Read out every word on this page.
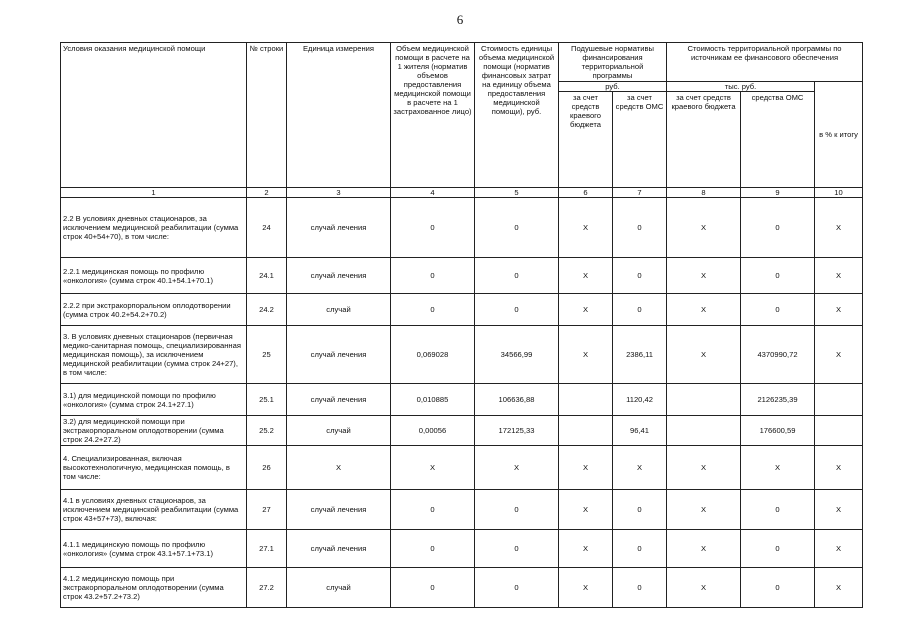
6
Условия оказания медицинской помощи	№ строки	Единица измерения	Объем медицинской помощи в расчете на 1 жителя (норматив объемов предоставления медицинской помощи в расчете на 1 застрахованное лицо)	Стоимость единицы объема медицинской помощи (норматив финансовых затрат на единицу объема предоставления медицинской помощи), руб.	Подушевые нормативы финансирования территориальной программы		Стоимость территориальной программы по источникам ее финансового обеспечения		
					руб.		тыс. руб.		в % к итогу
					за счет средств краевого бюджета	за счет средств ОМС	за счет средств краевого бюджета	средства ОМС	

1	2	3	4	5	6	7	8	9	10
2.2 В условиях дневных стационаров, за исключением медицинской реабилитации (сумма строк 40+54+70), в том числе:	24	случай лечения	0	0	X	0	X	0	X
2.2.1 медицинская помощь по профилю «онкология» (сумма строк 40.1+54.1+70.1)	24.1	случай лечения	0	0	X	0	X	0	X
2.2.2 при экстракорпоральном оплодотворении (сумма строк 40.2+54.2+70.2)	24.2	случай	0	0	X	0	X	0	X
3. В условиях дневных стационаров (первичная медико-санитарная помощь, специализированная медицинская помощь), за исключением медицинской реабилитации (сумма строк 24+27), в том числе:	25	случай лечения	0,069028	34566,99	X	2386,11	X	4370990,72	X
3.1) для медицинской помощи по профилю «онкология» (сумма строк 24.1+27.1)	25.1	случай лечения	0,010885	106636,88		1120,42		2126235,39	
3.2) для медицинской помощи при экстракорпоральном оплодотворении (сумма строк 24.2+27.2)	25.2	случай	0,00056	172125,33		96,41		176600,59	
4. Специализированная, включая высокотехнологичную, медицинская помощь, в том числе:	26	X	X	X	X	X	X	X	X
4.1 в условиях дневных стационаров, за исключением медицинской реабилитации (сумма строк 43+57+73), включая:	27	случай лечения	0	0	X	0	X	0	X
4.1.1 медицинскую помощь по профилю «онкология» (сумма строк 43.1+57.1+73.1)	27.1	случай лечения	0	0	X	0	X	0	X
4.1.2 медицинскую помощь при экстракорпоральном оплодотворении (сумма строк 43.2+57.2+73.2)	27.2	случай	0	0	X	0	X	0	X
